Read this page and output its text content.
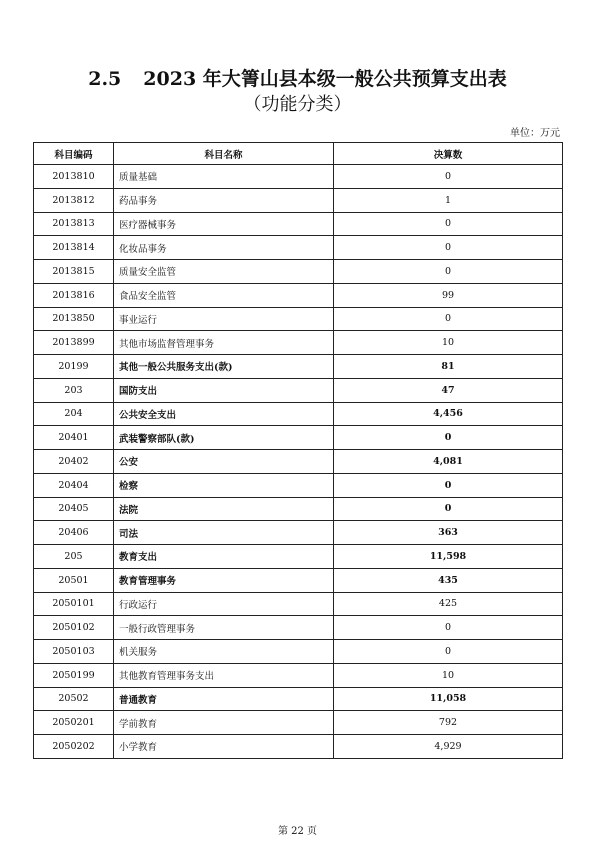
2.5 2023 年大箐山县本级一般公共预算支出表
（功能分类）
单位：万元
科目编码	科目名称	决算数
2013810	质量基础	0
2013812	药品事务	1
2013813	医疗器械事务	0
2013814	化妆品事务	0
2013815	质量安全监管	0
2013816	食品安全监管	99
2013850	事业运行	0
2013899	其他市场监督管理事务	10
20199	其他一般公共服务支出(款)	81
203	国防支出	47
204	公共安全支出	4,456
20401	武装警察部队(款)	0
20402	公安	4,081
20404	检察	0
20405	法院	0
20406	司法	363
205	教育支出	11,598
20501	教育管理事务	435
2050101	行政运行	425
2050102	一般行政管理事务	0
2050103	机关服务	0
2050199	其他教育管理事务支出	10
20502	普通教育	11,058
2050201	学前教育	792
2050202	小学教育	4,929
第 22 页
